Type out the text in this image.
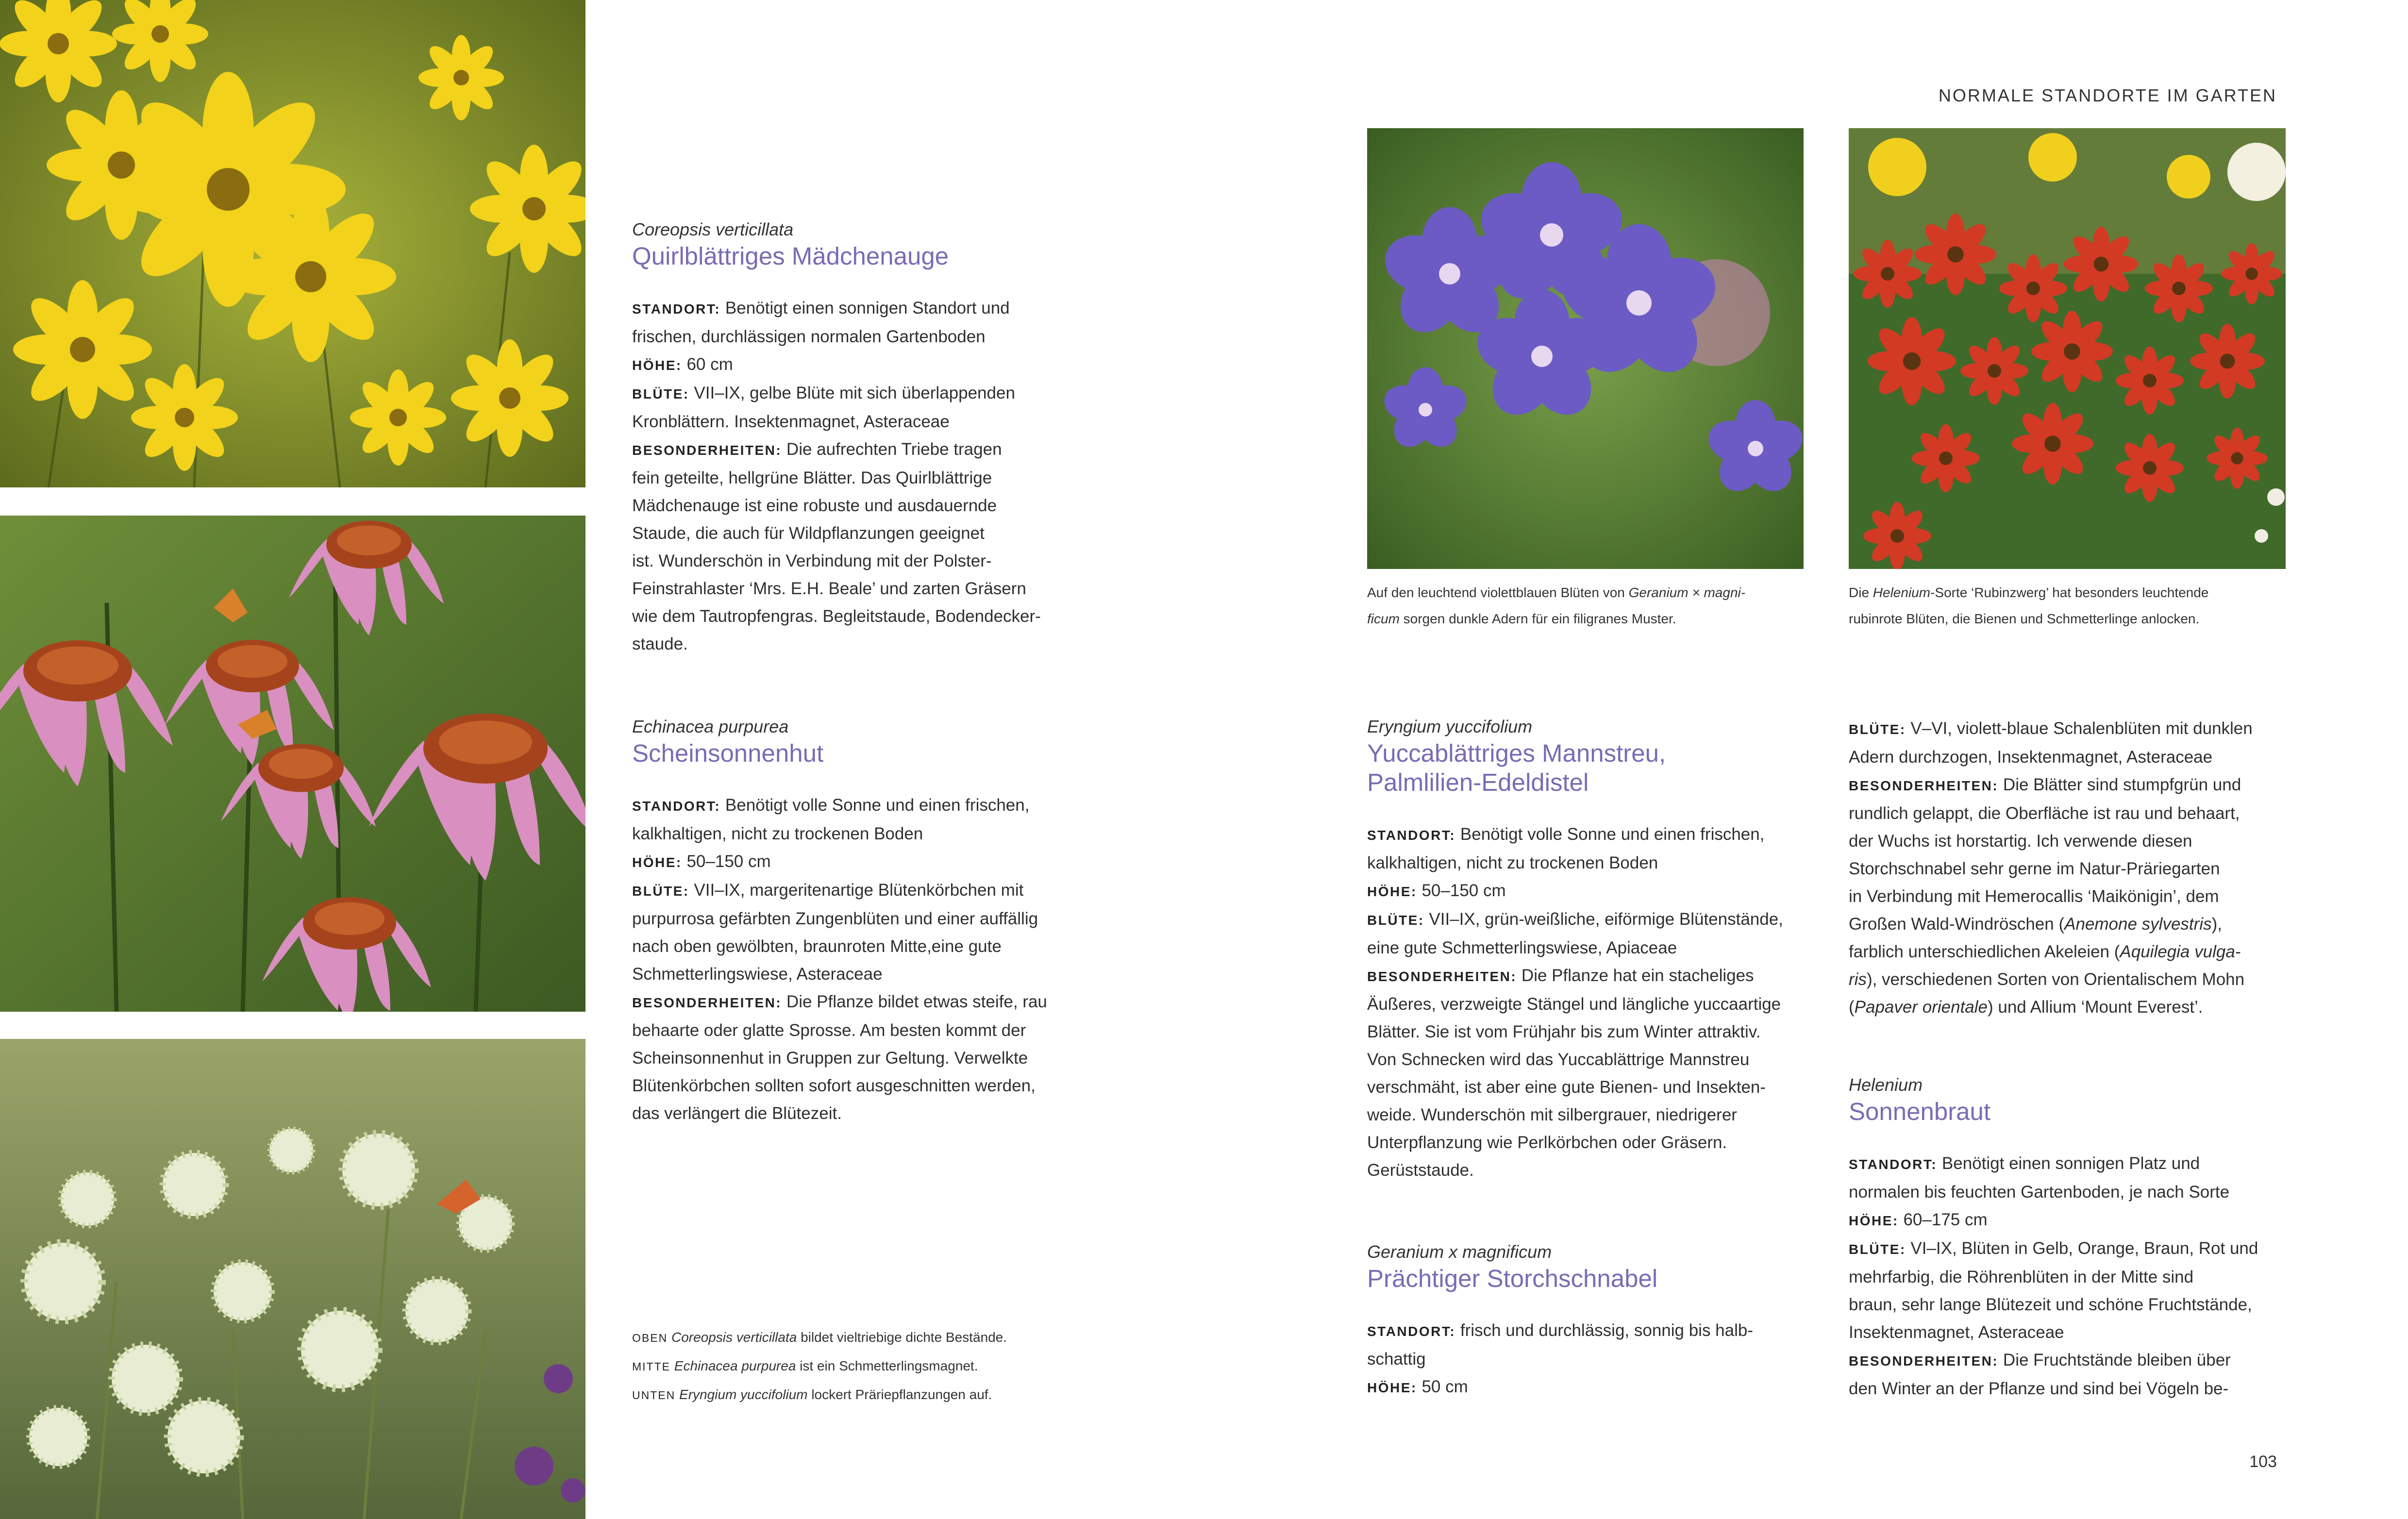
NORMALE STANDORTE IM GARTEN
103
Coreopsis verticillata
Quirlblättriges Mädchenauge
STANDORT: Benötigt einen sonnigen Standort und
frischen, durchlässigen normalen Gartenboden
HÖHE: 60 cm
BLÜTE: VII–IX, gelbe Blüte mit sich überlappenden
Kronblättern. Insektenmagnet, Asteraceae
BESONDERHEITEN: Die aufrechten Triebe tragen
fein geteilte, hellgrüne Blätter. Das Quirlblättrige
Mädchenauge ist eine robuste und ausdauernde
Staude, die auch für Wildpflanzungen geeignet
ist. Wunderschön in Verbindung mit der Polster-
Feinstrahlaster ‘Mrs. E.H. Beale’ und zarten Gräsern
wie dem Tautropfengras. Begleitstaude, Bodendecker-
staude.
Echinacea purpurea
Scheinsonnenhut
STANDORT: Benötigt volle Sonne und einen frischen,
kalkhaltigen, nicht zu trockenen Boden
HÖHE: 50–150 cm
BLÜTE: VII–IX, margeritenartige Blütenkörbchen mit
purpurrosa gefärbten Zungenblüten und einer auffällig
nach oben gewölbten, braunroten Mitte,eine gute
Schmetterlingswiese, Asteraceae
BESONDERHEITEN: Die Pflanze bildet etwas steife, rau
behaarte oder glatte Sprosse. Am besten kommt der
Scheinsonnenhut in Gruppen zur Geltung. Verwelkte
Blütenkörbchen sollten sofort ausgeschnitten werden,
das verlängert die Blütezeit.
OBEN Coreopsis verticillata bildet vieltriebige dichte Bestände.
MITTE Echinacea purpurea ist ein Schmetterlingsmagnet.
UNTEN Eryngium yuccifolium lockert Präriepflanzungen auf.
Auf den leuchtend violettblauen Blüten von Geranium × magni-
ficum sorgen dunkle Adern für ein filigranes Muster.
Die Helenium-Sorte ‘Rubinzwerg’ hat besonders leuchtende
rubinrote Blüten, die Bienen und Schmetterlinge anlocken.
Eryngium yuccifolium
Yuccablättriges Mannstreu,
Palmlilien-Edeldistel
STANDORT: Benötigt volle Sonne und einen frischen,
kalkhaltigen, nicht zu trockenen Boden
HÖHE: 50–150 cm
BLÜTE: VII–IX, grün-weißliche, eiförmige Blütenstände,
eine gute Schmetterlingswiese, Apiaceae
BESONDERHEITEN: Die Pflanze hat ein stacheliges
Äußeres, verzweigte Stängel und längliche yuccaartige
Blätter. Sie ist vom Frühjahr bis zum Winter attraktiv.
Von Schnecken wird das Yuccablättrige Mannstreu
verschmäht, ist aber eine gute Bienen- und Insekten-
weide. Wunderschön mit silbergrauer, niedrigerer
Unterpflanzung wie Perlkörbchen oder Gräsern.
Gerüststaude.
Geranium x magnificum
Prächtiger Storchschnabel
STANDORT: frisch und durchlässig, sonnig bis halb-
schattig
HÖHE: 50 cm
BLÜTE: V–VI, violett-blaue Schalenblüten mit dunklen
Adern durchzogen, Insektenmagnet, Asteraceae
BESONDERHEITEN: Die Blätter sind stumpfgrün und
rundlich gelappt, die Oberfläche ist rau und behaart,
der Wuchs ist horstartig. Ich verwende diesen
Storchschnabel sehr gerne im Natur-Präriegarten
in Verbindung mit Hemerocallis ‘Maikönigin’, dem
Großen Wald-Windröschen (Anemone sylvestris),
farblich unterschiedlichen Akeleien (Aquilegia vulga-
ris), verschiedenen Sorten von Orientalischem Mohn
(Papaver orientale) und Allium ‘Mount Everest’.
Helenium
Sonnenbraut
STANDORT: Benötigt einen sonnigen Platz und
normalen bis feuchten Gartenboden, je nach Sorte
HÖHE: 60–175 cm
BLÜTE: VI–IX, Blüten in Gelb, Orange, Braun, Rot und
mehrfarbig, die Röhrenblüten in der Mitte sind
braun, sehr lange Blütezeit und schöne Fruchtstände,
Insektenmagnet, Asteraceae
BESONDERHEITEN: Die Fruchtstände bleiben über
den Winter an der Pflanze und sind bei Vögeln be-
